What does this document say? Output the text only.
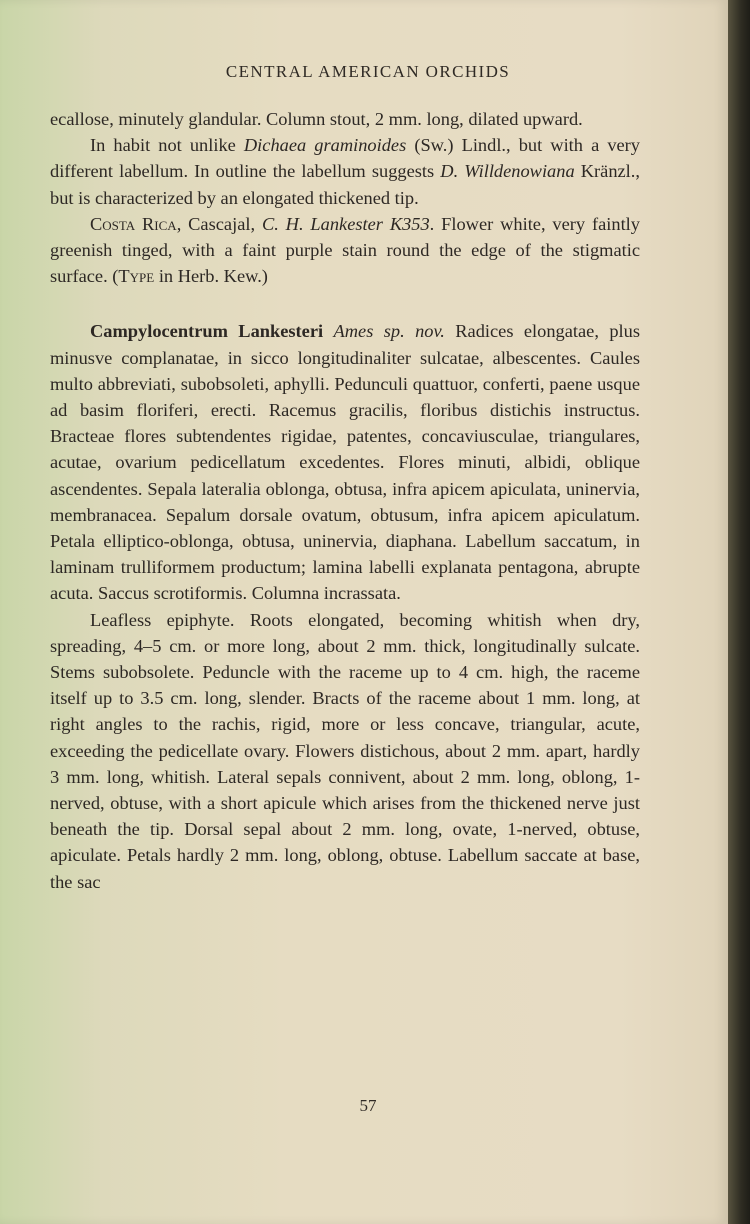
CENTRAL AMERICAN ORCHIDS

ecallose, minutely glandular. Column stout, 2 mm. long, dilated upward.

In habit not unlike Dichaea graminoides (Sw.) Lindl., but with a very different labellum. In outline the labellum suggests D. Willdenowiana Kränzl., but is characterized by an elongated thickened tip.

Costa Rica, Cascajal, C. H. Lankester K353. Flower white, very faintly greenish tinged, with a faint purple stain round the edge of the stigmatic surface. (Type in Herb. Kew.)

Campylocentrum Lankesteri Ames sp. nov. Radices elongatae, plus minusve complanatae, in sicco longitudinaliter sulcatae, albescentes. Caules multo abbreviati, subobsoleti, aphylli. Pedunculi quattuor, conferti, paene usque ad basim floriferi, erecti. Racemus gracilis, floribus distichis instructus. Bracteae flores subtendentes rigidae, patentes, concaviusculae, triangulares, acutae, ovarium pedicellatum excedentes. Flores minuti, albidi, oblique ascendentes. Sepala lateralia oblonga, obtusa, infra apicem apiculata, uninervia, membranacea. Sepalum dorsale ovatum, obtusum, infra apicem apiculatum. Petala elliptico-oblonga, obtusa, uninervia, diaphana. Labellum saccatum, in laminam trulliformem productum; lamina labelli explanata pentagona, abrupte acuta. Saccus scrotiformis. Columna incrassata.

Leafless epiphyte. Roots elongated, becoming whitish when dry, spreading, 4–5 cm. or more long, about 2 mm. thick, longitudinally sulcate. Stems subobsolete. Peduncle with the raceme up to 4 cm. high, the raceme itself up to 3.5 cm. long, slender. Bracts of the raceme about 1 mm. long, at right angles to the rachis, rigid, more or less concave, triangular, acute, exceeding the pedicellate ovary. Flowers distichous, about 2 mm. apart, hardly 3 mm. long, whitish. Lateral sepals connivent, about 2 mm. long, oblong, 1-nerved, obtuse, with a short apicule which arises from the thickened nerve just beneath the tip. Dorsal sepal about 2 mm. long, ovate, 1-nerved, obtuse, apiculate. Petals hardly 2 mm. long, oblong, obtuse. Labellum saccate at base, the sac

57
